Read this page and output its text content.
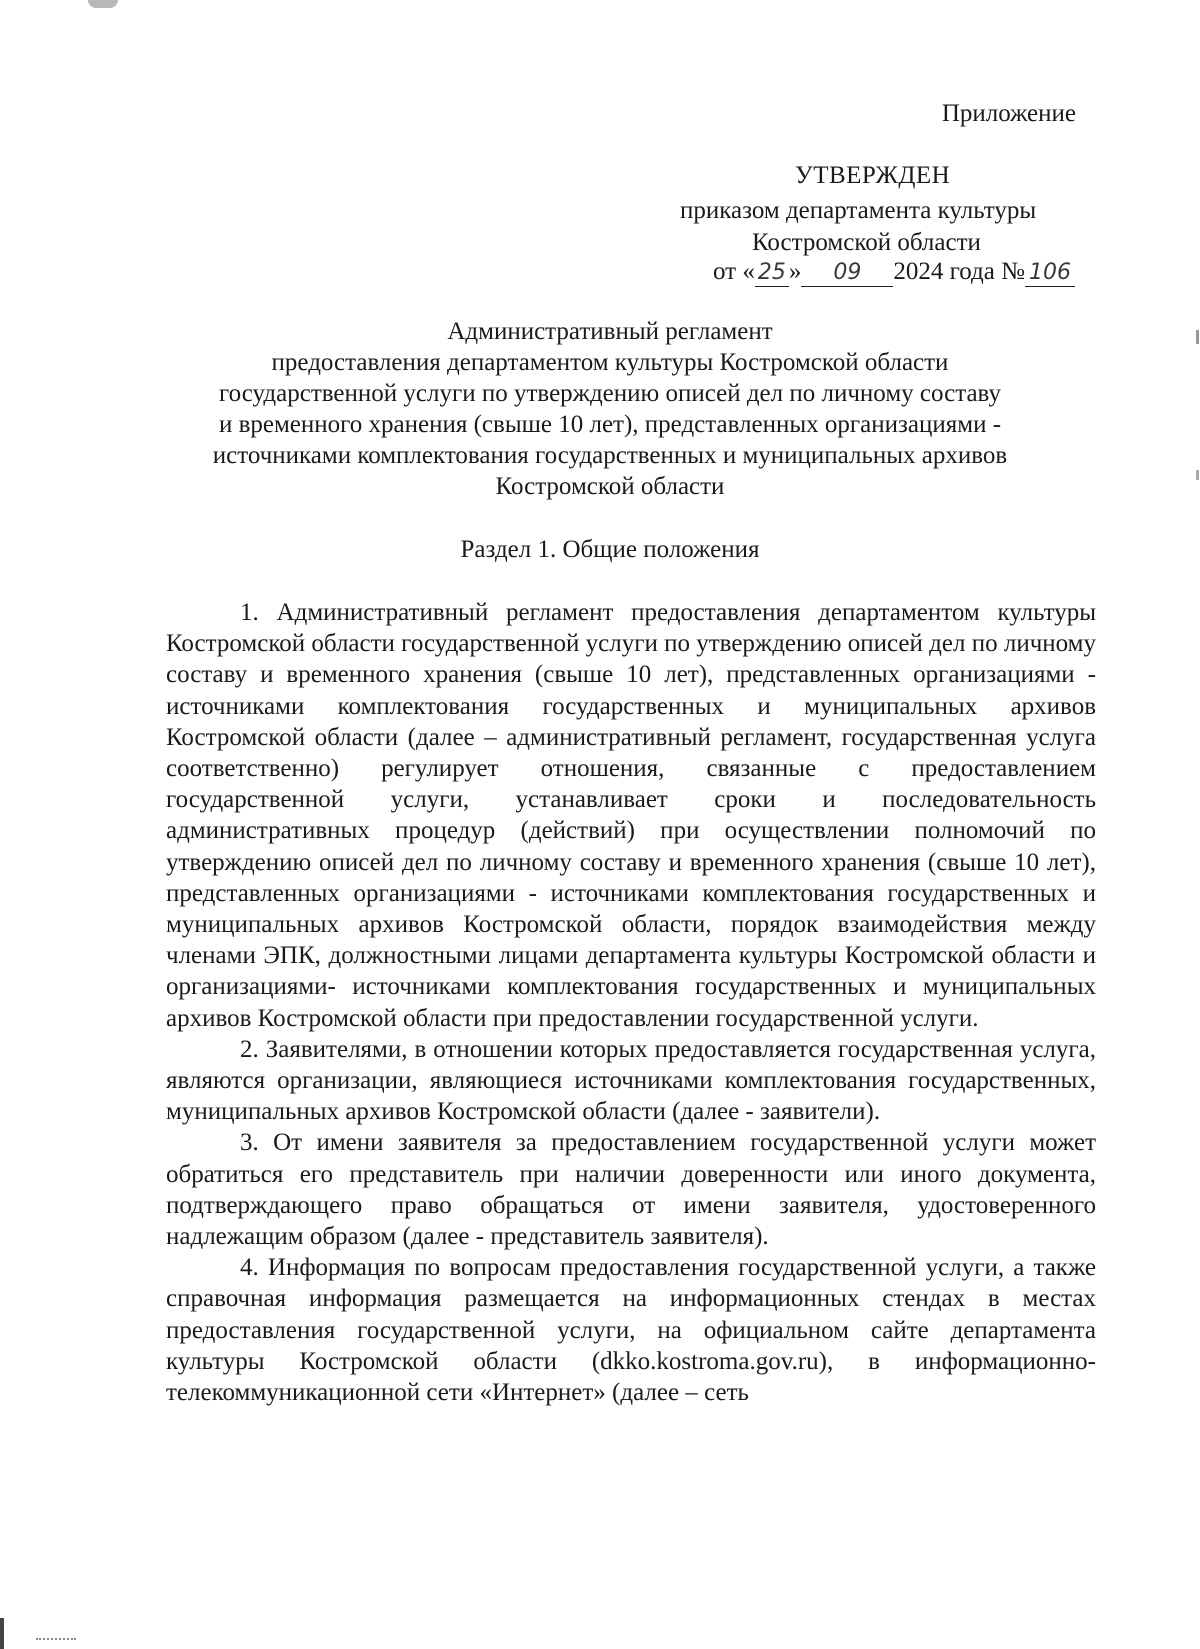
Приложение
УТВЕРЖДЕН
приказом департамента культуры
Костромской области
от « 25 » 09 2024 года № 106
Административный регламент
предоставления департаментом культуры Костромской области
государственной услуги по утверждению описей дел по личному составу
и временного хранения (свыше 10 лет), представленных организациями -
источниками комплектования государственных и муниципальных архивов
Костромской области
Раздел 1. Общие положения

1. Административный регламент предоставления департаментом культуры Костромской области государственной услуги по утверждению описей дел по личному составу и временного хранения (свыше 10 лет), представленных организациями - источниками комплектования государственных и муниципальных архивов Костромской области (далее – административный регламент, государственная услуга соответственно) регулирует отношения, связанные с предоставлением государственной услуги, устанавливает сроки и последовательность административных процедур (действий) при осуществлении полномочий по утверждению описей дел по личному составу и временного хранения (свыше 10 лет), представленных организациями - источниками комплектования государственных и муниципальных архивов Костромской области, порядок взаимодействия между членами ЭПК, должностными лицами департамента культуры Костромской области и организациями- источниками комплектования государственных и муниципальных архивов Костромской области при предоставлении государственной услуги.

2. Заявителями, в отношении которых предоставляется государственная услуга, являются организации, являющиеся источниками комплектования государственных, муниципальных архивов Костромской области (далее - заявители).

3. От имени заявителя за предоставлением государственной услуги может обратиться его представитель при наличии доверенности или иного документа, подтверждающего право обращаться от имени заявителя, удостоверенного надлежащим образом (далее - представитель заявителя).

4. Информация по вопросам предоставления государственной услуги, а также справочная информация размещается на информационных стендах в местах предоставления государственной услуги, на официальном сайте департамента культуры Костромской области (dkko.kostroma.gov.ru), в информационно-телекоммуникационной сети «Интернет» (далее – сеть
